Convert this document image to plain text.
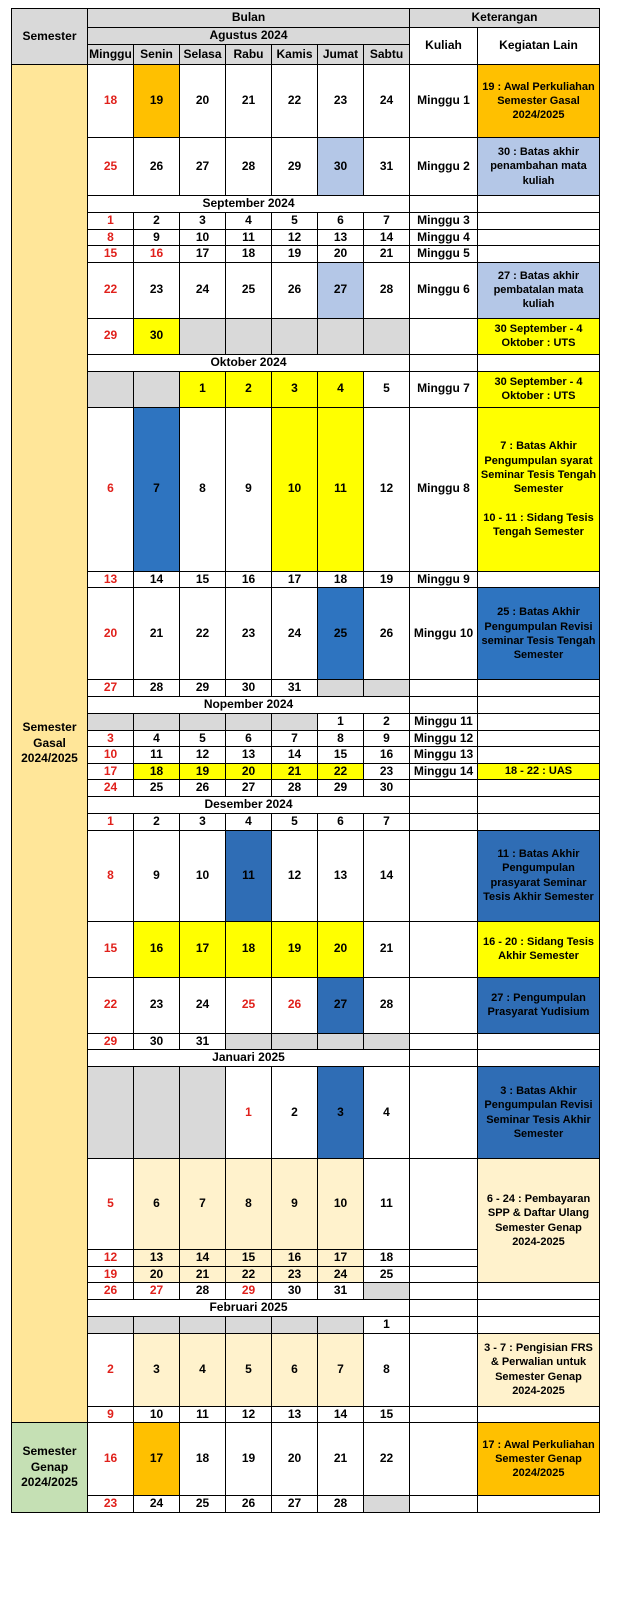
Semester	Bulan							Keterangan	
	Agustus 2024							Kuliah	Kegiatan Lain
	Minggu	Senin	Selasa	Rabu	Kamis	Jumat	Sabtu		
Semester Gasal 2024/2025	18	19	20	21	22	23	24	Minggu 1	19 : Awal Perkuliahan Semester Gasal 2024/2025
	25	26	27	28	29	30	31	Minggu 2	30 : Batas akhir penambahan mata kuliah
	September 2024								
	1	2	3	4	5	6	7	Minggu 3	
	8	9	10	11	12	13	14	Minggu 4	
	15	16	17	18	19	20	21	Minggu 5	
	22	23	24	25	26	27	28	Minggu 6	27 : Batas akhir pembatalan mata kuliah
	29	30							30 September - 4 Oktober : UTS
	Oktober 2024								
			1	2	3	4	5	Minggu 7	30 September - 4 Oktober : UTS
	6	7	8	9	10	11	12	Minggu 8	7 : Batas Akhir Pengumpulan syarat Seminar Tesis Tengah Semester
10 - 11 : Sidang Tesis Tengah Semester

	13	14	15	16	17	18	19	Minggu 9	
	20	21	22	23	24	25	26	Minggu 10	25 : Batas Akhir Pengumpulan Revisi seminar Tesis Tengah Semester
	27	28	29	30	31				
	Nopember 2024								
						1	2	Minggu 11	
	3	4	5	6	7	8	9	Minggu 12	
	10	11	12	13	14	15	16	Minggu 13	
	17	18	19	20	21	22	23	Minggu 14	18 - 22 : UAS
	24	25	26	27	28	29	30		
	Desember 2024								
	1	2	3	4	5	6	7		
	8	9	10	11	12	13	14		11 : Batas Akhir Pengumpulan prasyarat Seminar Tesis Akhir Semester
	15	16	17	18	19	20	21		16 - 20 : Sidang Tesis Akhir Semester
	22	23	24	25	26	27	28		27 : Pengumpulan Prasyarat Yudisium
	29	30	31						
	Januari 2025								
				1	2	3	4		3 : Batas Akhir Pengumpulan Revisi Seminar Tesis Akhir Semester
	5	6	7	8	9	10	11		6 - 24 : Pembayaran SPP & Daftar Ulang Semester Genap 2024-2025
	12	13	14	15	16	17	18		
	19	20	21	22	23	24	25		
	26	27	28	29	30	31			
	Februari 2025								
							1		
	2	3	4	5	6	7	8		3 - 7 : Pengisian FRS & Perwalian untuk Semester Genap 2024-2025
	9	10	11	12	13	14	15		
Semester Genap 2024/2025	16	17	18	19	20	21	22		17 : Awal Perkuliahan Semester Genap 2024/2025
	23	24	25	26	27	28			
